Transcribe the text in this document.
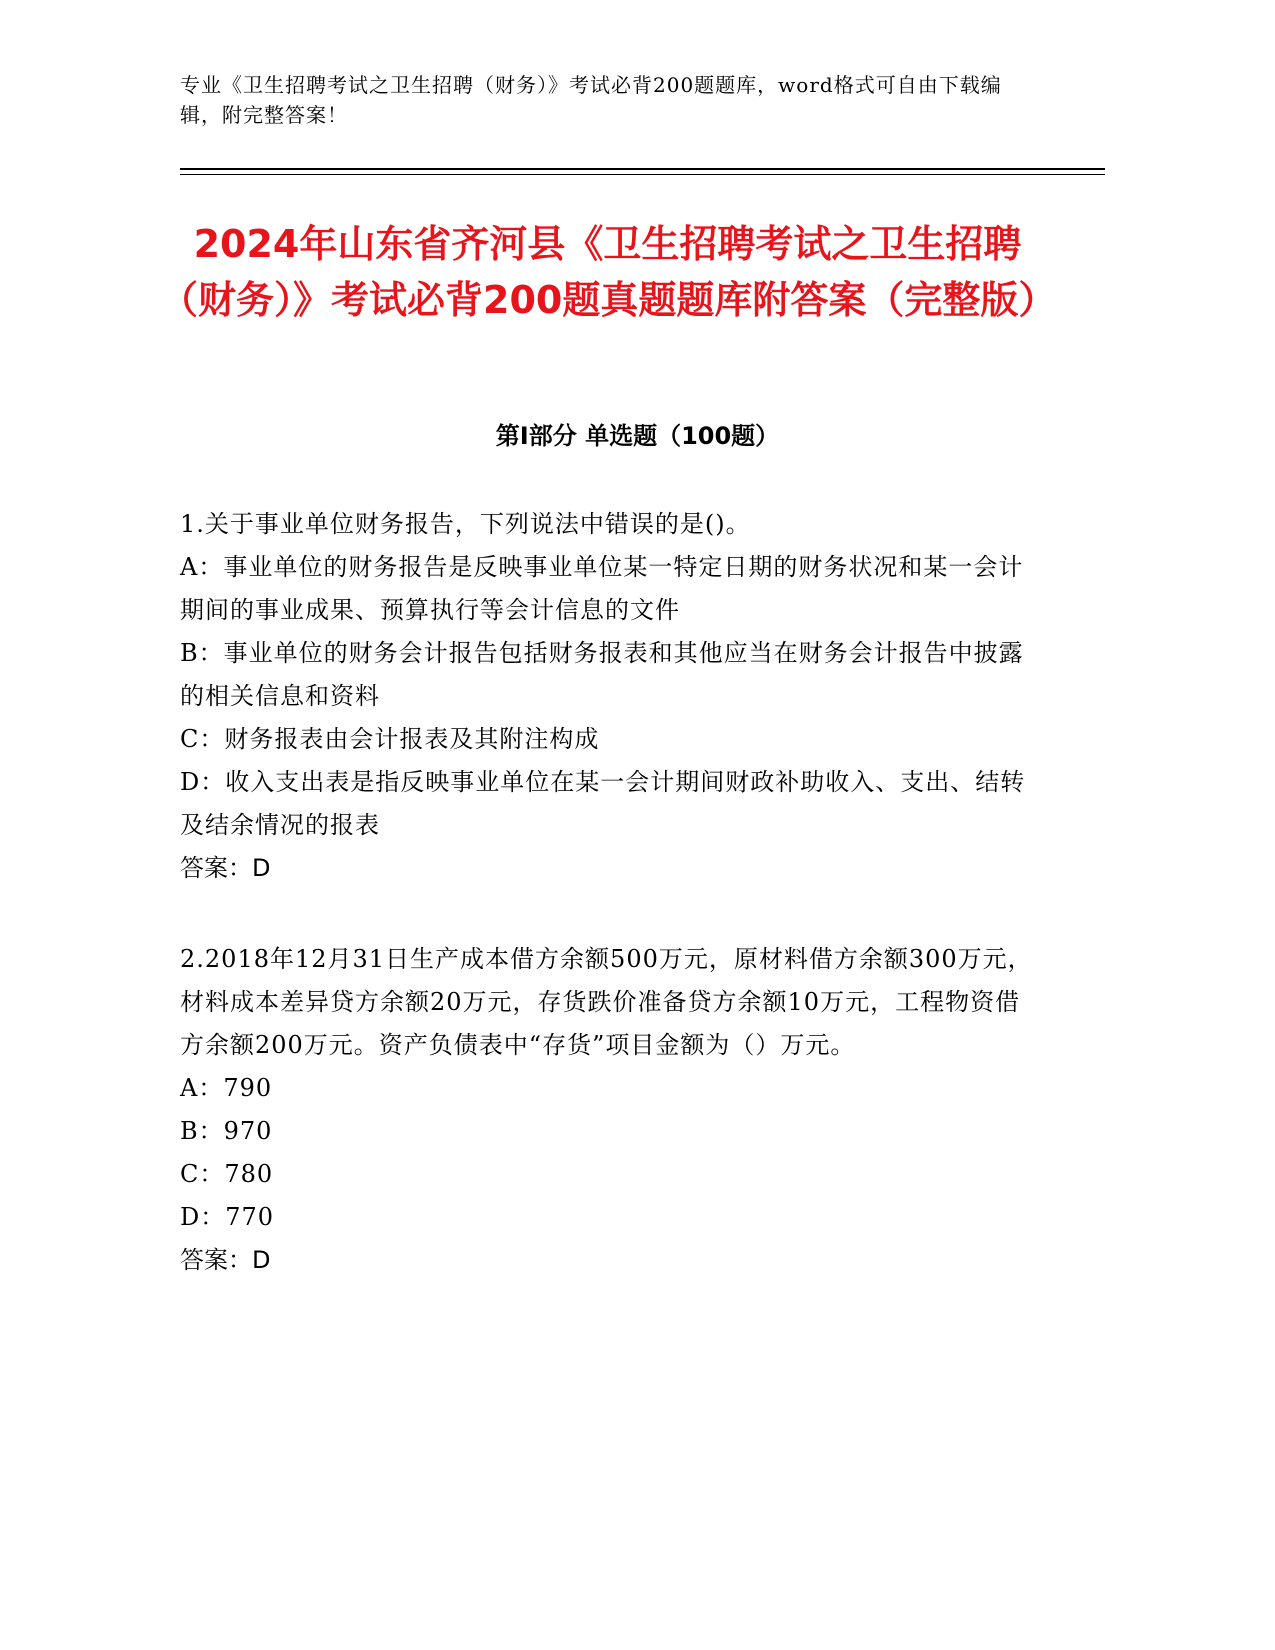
专业《卫生招聘考试之卫生招聘（财务）》考试必背200题题库，word格式可自由下载编辑，附完整答案！
2024年山东省齐河县《卫生招聘考试之卫生招聘（财务）》考试必背200题真题题库附答案（完整版）
第I部分 单选题（100题）
1.关于事业单位财务报告，下列说法中错误的是()。
A：事业单位的财务报告是反映事业单位某一特定日期的财务状况和某一会计期间的事业成果、预算执行等会计信息的文件
B：事业单位的财务会计报告包括财务报表和其他应当在财务会计报告中披露的相关信息和资料
C：财务报表由会计报表及其附注构成
D：收入支出表是指反映事业单位在某一会计期间财政补助收入、支出、结转及结余情况的报表
答案：D
2.2018年12月31日生产成本借方余额500万元，原材料借方余额300万元，材料成本差异贷方余额20万元，存货跌价准备贷方余额10万元，工程物资借方余额200万元。资产负债表中“存货”项目金额为（）万元。
A：790
B：970
C：780
D：770
答案：D
